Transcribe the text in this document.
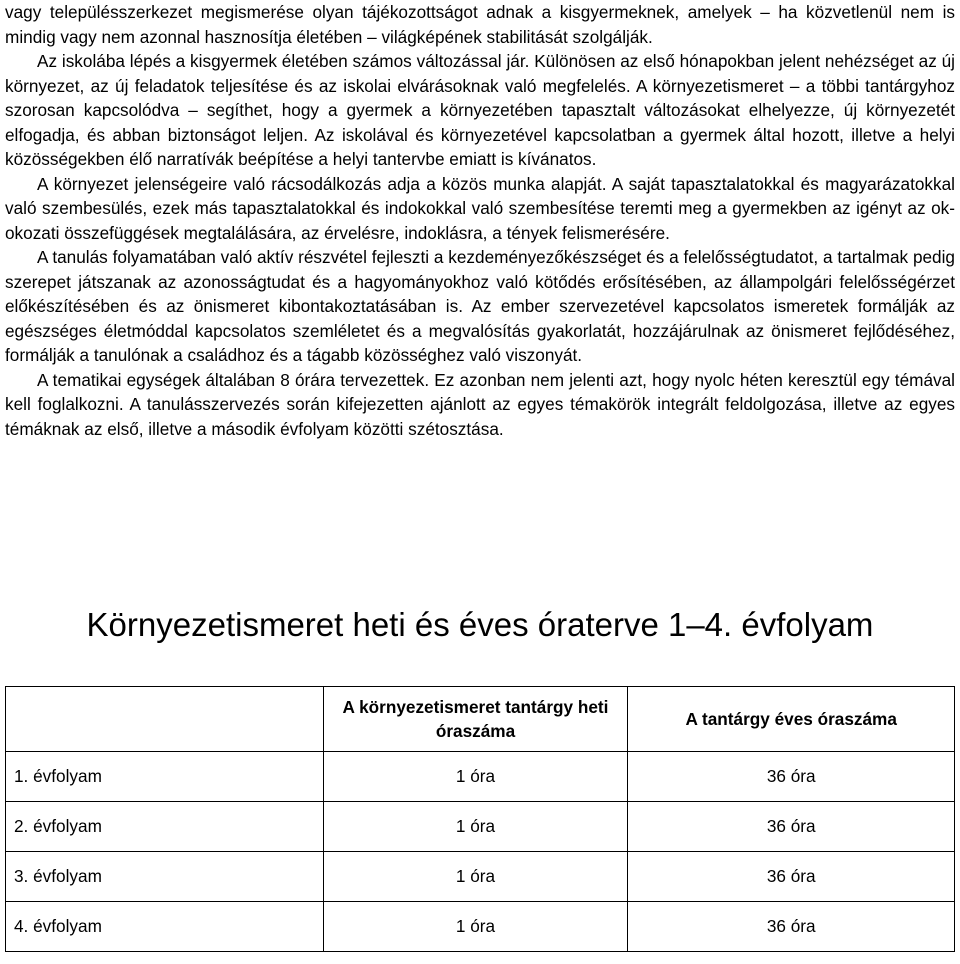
vagy településszerkezet megismerése olyan tájékozottságot adnak a kisgyermeknek, amelyek – ha közvetlenül nem is mindig vagy nem azonnal hasznosítja életében – világképének stabilitását szolgálják.

Az iskolába lépés a kisgyermek életében számos változással jár. Különösen az első hónapokban jelent nehézséget az új környezet, az új feladatok teljesítése és az iskolai elvárásoknak való megfelelés. A környezetismeret – a többi tantárgyhoz szorosan kapcsolódva – segíthet, hogy a gyermek a környezetében tapasztalt változásokat elhelyezze, új környezetét elfogadja, és abban biztonságot leljen. Az iskolával és környezetével kapcsolatban a gyermek által hozott, illetve a helyi közösségekben élő narratívák beépítése a helyi tantervbe emiatt is kívánatos.

A környezet jelenségeire való rácsodálkozás adja a közös munka alapját. A saját tapasztalatokkal és magyarázatokkal való szembesülés, ezek más tapasztalatokkal és indokokkal való szembesítése teremti meg a gyermekben az igényt az ok-okozati összefüggések megtalálására, az érvelésre, indoklásra, a tények felismerésére.

A tanulás folyamatában való aktív részvétel fejleszti a kezdeményezőkészséget és a felelősségtudatot, a tartalmak pedig szerepet játszanak az azonosságtudat és a hagyományokhoz való kötődés erősítésében, az állampolgári felelősségérzet előkészítésében és az önismeret kibontakoztatásában is. Az ember szervezetével kapcsolatos ismeretek formálják az egészséges életmóddal kapcsolatos szemléletet és a megvalósítás gyakorlatát, hozzájárulnak az önismeret fejlődéséhez, formálják a tanulónak a családhoz és a tágabb közösséghez való viszonyát.

A tematikai egységek általában 8 órára tervezettek. Ez azonban nem jelenti azt, hogy nyolc héten keresztül egy témával kell foglalkozni. A tanulásszervezés során kifejezetten ajánlott az egyes témakörök integrált feldolgozása, illetve az egyes témáknak az első, illetve a második évfolyam közötti szétosztása.

Környezetismeret heti és éves óraterve 1–4. évfolyam
	A környezetismeret tantárgy heti óraszáma	A tantárgy éves óraszáma
1. évfolyam	1 óra	36 óra
2. évfolyam	1 óra	36 óra
3. évfolyam	1 óra	36 óra
4. évfolyam	1 óra	36 óra
